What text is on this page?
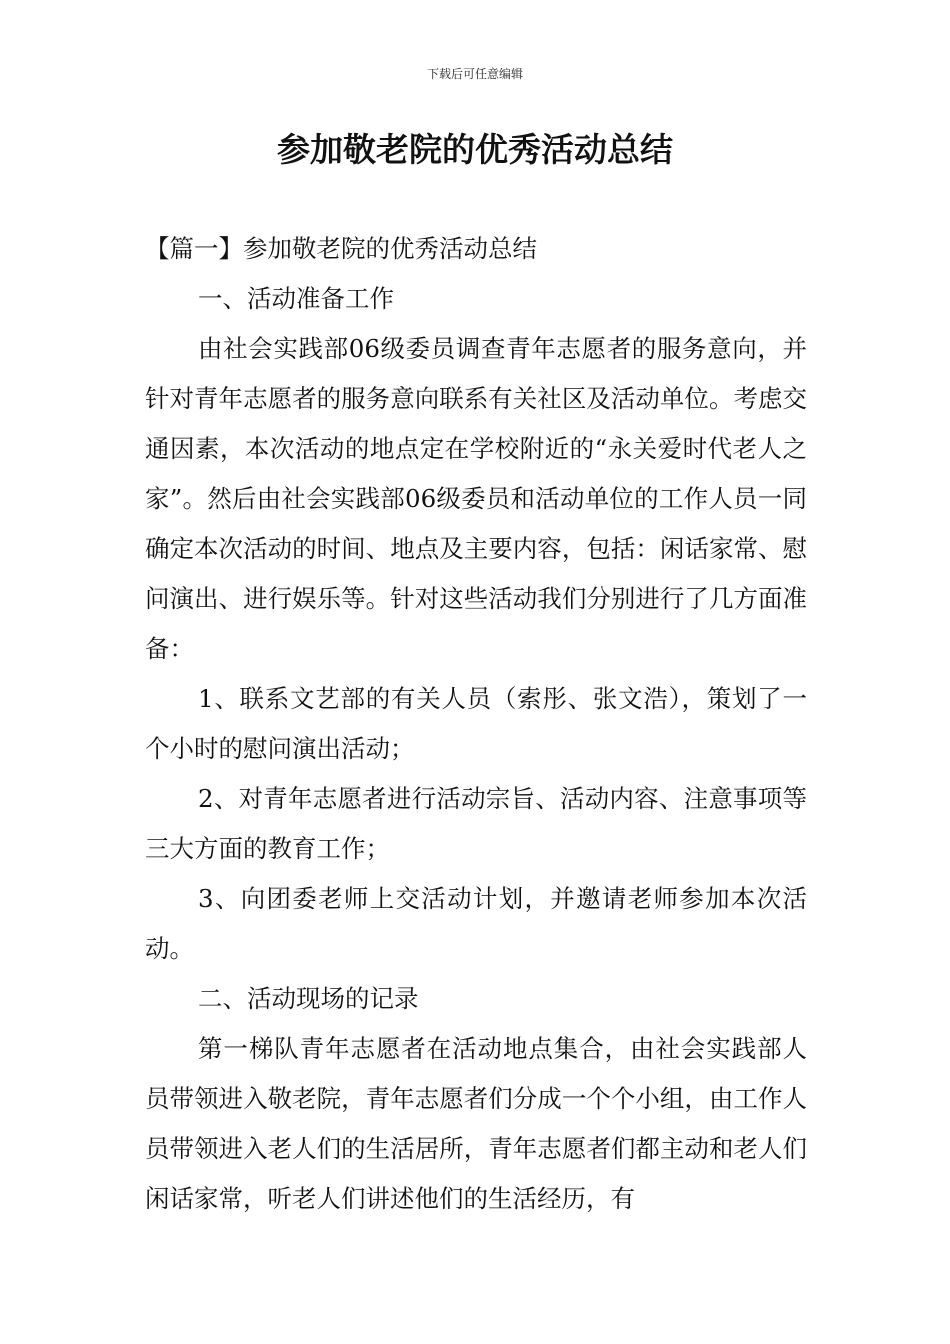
下载后可任意编辑
参加敬老院的优秀活动总结

【篇一】参加敬老院的优秀活动总结

一、活动准备工作

由社会实践部06级委员调查青年志愿者的服务意向，并针对青年志愿者的服务意向联系有关社区及活动单位。考虑交通因素，本次活动的地点定在学校附近的“永关爱时代老人之家”。然后由社会实践部06级委员和活动单位的工作人员一同确定本次活动的时间、地点及主要内容，包括：闲话家常、慰问演出、进行娱乐等。针对这些活动我们分别进行了几方面准备：

1、联系文艺部的有关人员（索彤、张文浩），策划了一个小时的慰问演出活动；

2、对青年志愿者进行活动宗旨、活动内容、注意事项等三大方面的教育工作；

3、向团委老师上交活动计划，并邀请老师参加本次活动。

二、活动现场的记录

第一梯队青年志愿者在活动地点集合，由社会实践部人员带领进入敬老院，青年志愿者们分成一个个小组，由工作人员带领进入老人们的生活居所，青年志愿者们都主动和老人们闲话家常，听老人们讲述他们的生活经历，有
